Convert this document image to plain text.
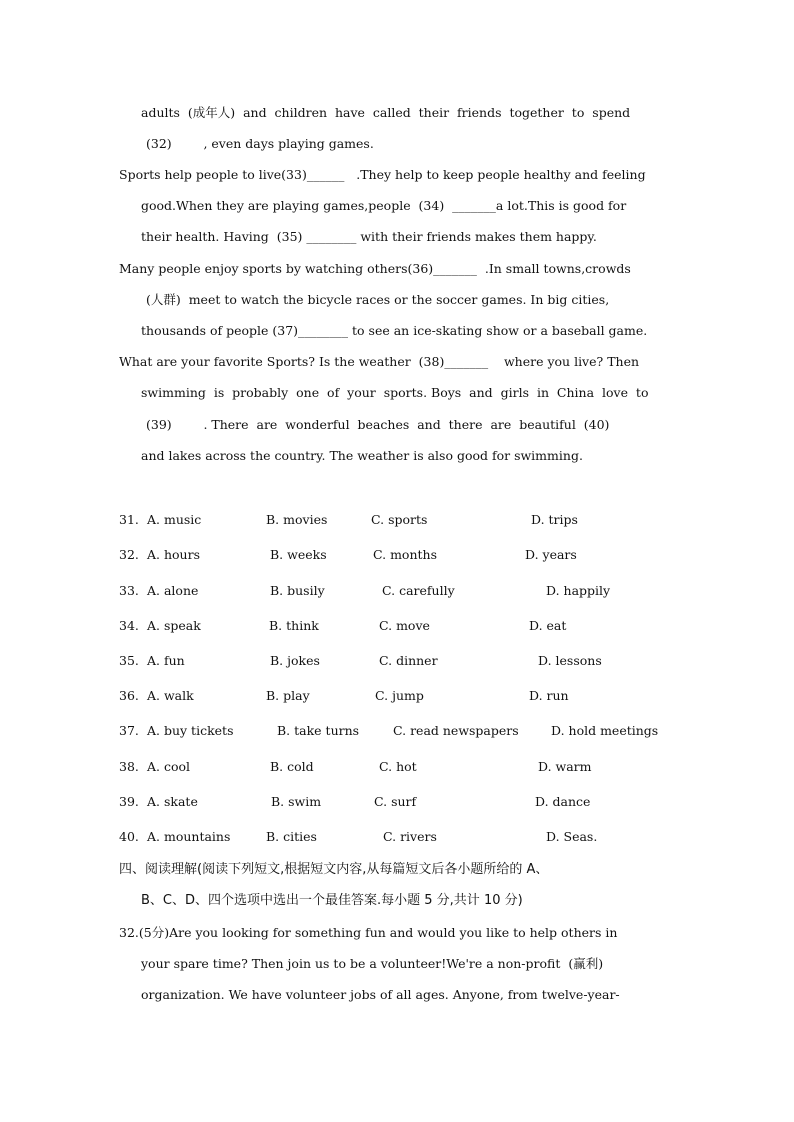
adults  (成年人)  and  children  have  called  their  friends  together  to  spend
(32)        , even days playing games.
Sports help people to live(33)______   .They help to keep people healthy and feeling
good.When they are playing games,people  (34)  _______a lot.This is good for
their health. Having  (35) ________ with their friends makes them happy.
Many people enjoy sports by watching others(36)_______  .In small towns,crowds
(人群)  meet to watch the bicycle races or the soccer games. In big cities,
thousands of people (37)________ to see an ice-skating show or a baseball game.
What are your favorite Sports? Is the weather  (38)_______    where you live? Then
swimming  is  probably  one  of  your  sports. Boys  and  girls  in  China  love  to
(39)        . There  are  wonderful  beaches  and  there  are  beautiful  (40)
and lakes across the country. The weather is also good for swimming.
31. A. music	B. movies	C. sports	D. trips
32. A. hours	B. weeks	C. months	D. years
33. A. alone	B. busily	C. carefully	D. happily
34. A. speak	B. think	C. move	D. eat
35. A. fun	B. jokes	C. dinner	D. lessons
36. A. walk	B. play	C. jump	D. run
37. A. buy tickets	B. take turns	C. read newspapers	D. hold meetings
38. A. cool	B. cold	C. hot	D. warm
39. A. skate	B. swim	C. surf	D. dance
40. A. mountains	B. cities	C. rivers	D. Seas.
四、阅读理解(阅读下列短文,根据短文内容,从每篇短文后各小题所给的 A、
B、C、D、四个选项中选出一个最佳答案.每小题 5 分,共计 10 分)
32.(5分)Are you looking for something fun and would you like to help others in
your spare time? Then join us to be a volunteer!We're a non-profit  (赢利)
organization. We have volunteer jobs of all ages. Anyone, from twelve-year-
